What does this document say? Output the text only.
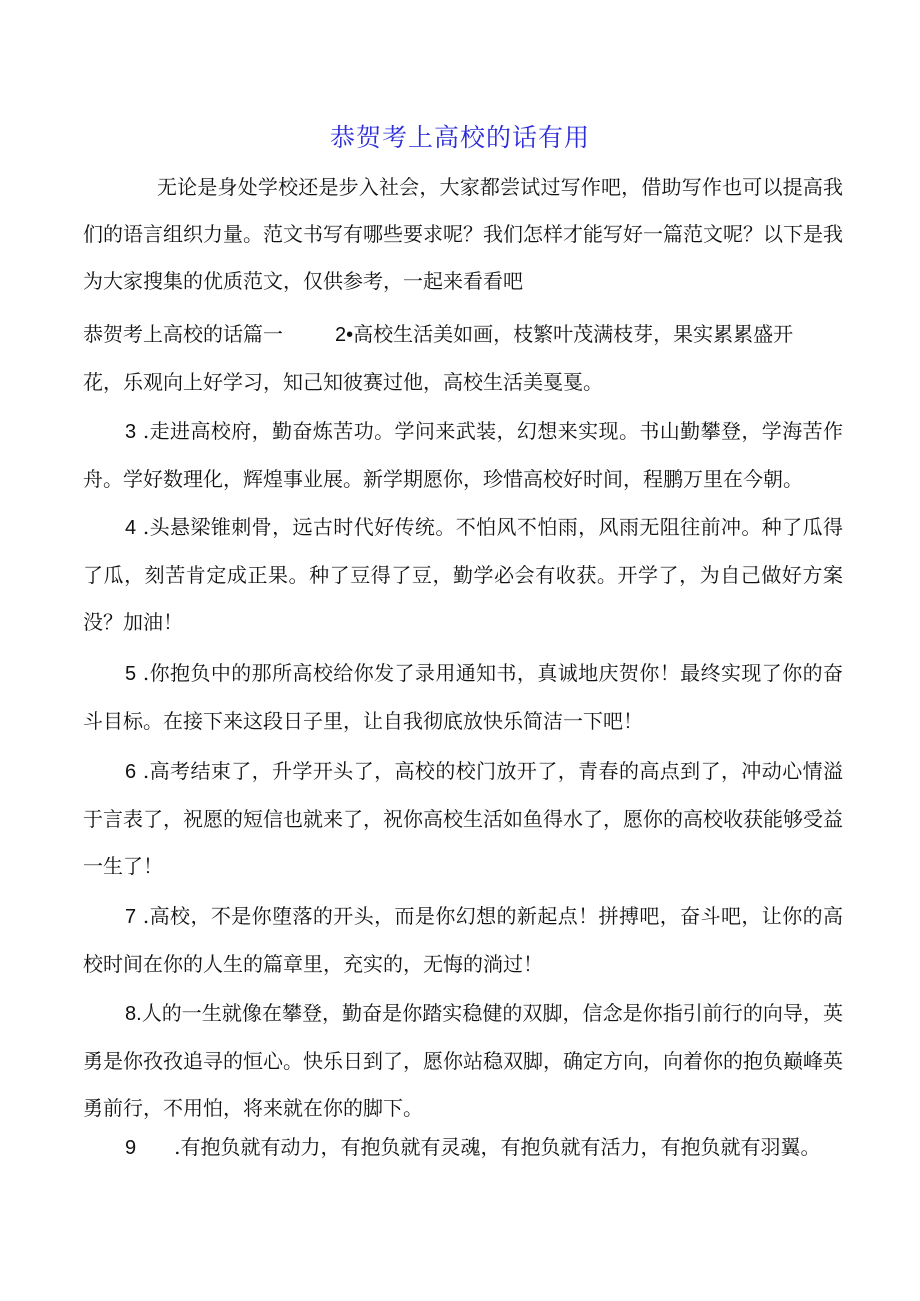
恭贺考上高校的话有用

无论是身处学校还是步入社会，大家都尝试过写作吧，借助写作也可以提高我们的语言组织力量。范文书写有哪些要求呢？我们怎样才能写好一篇范文呢？以下是我为大家搜集的优质范文，仅供参考，一起来看看吧

恭贺考上高校的话篇一	2•高校生活美如画，枝繁叶茂满枝芽，果实累累盛开
花，乐观向上好学习，知己知彼赛过他，高校生活美戛戛。

3 .走进高校府，勤奋炼苦功。学问来武装，幻想来实现。书山勤攀登，学海苦作舟。学好数理化，辉煌事业展。新学期愿你，珍惜高校好时间，程鹏万里在今朝。

4 .头悬梁锥刺骨，远古时代好传统。不怕风不怕雨，风雨无阻往前冲。种了瓜得了瓜，刻苦肯定成正果。种了豆得了豆，勤学必会有收获。开学了，为自己做好方案没？加油！

5 .你抱负中的那所高校给你发了录用通知书，真诚地庆贺你！最终实现了你的奋斗目标。在接下来这段日子里，让自我彻底放快乐简洁一下吧！

6 .高考结束了，升学开头了，高校的校门放开了，青春的高点到了，冲动心情溢于言表了，祝愿的短信也就来了，祝你高校生活如鱼得水了，愿你的高校收获能够受益一生了！

7 .高校，不是你堕落的开头，而是你幻想的新起点！拼搏吧，奋斗吧，让你的高校时间在你的人生的篇章里，充实的，无悔的淌过！

8.人的一生就像在攀登，勤奋是你踏实稳健的双脚，信念是你指引前行的向导，英勇是你孜孜追寻的恒心。快乐日到了，愿你站稳双脚，确定方向，向着你的抱负巅峰英勇前行，不用怕，将来就在你的脚下。

9 .有抱负就有动力，有抱负就有灵魂，有抱负就有活力，有抱负就有羽翼。
